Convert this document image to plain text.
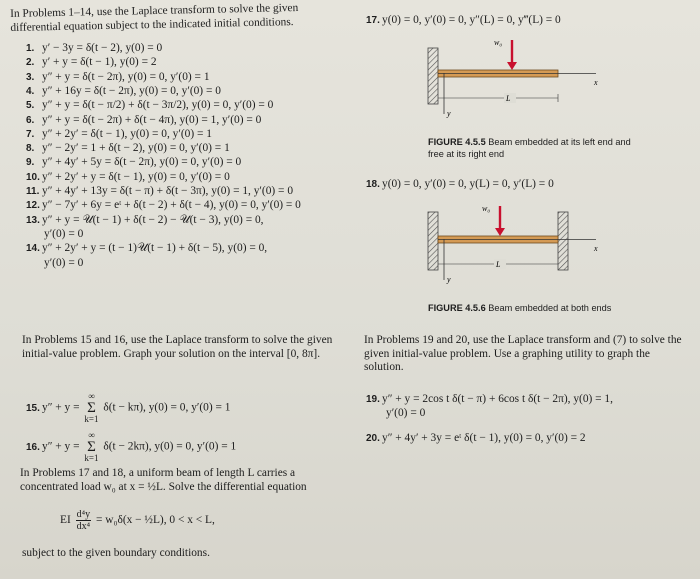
In Problems 1–14, use the Laplace transform to solve the given differential equation subject to the indicated initial conditions.
1. y′ − 3y = δ(t − 2), y(0) = 0
2. y′ + y = δ(t − 1), y(0) = 2
3. y″ + y = δ(t − 2π), y(0) = 0, y′(0) = 1
4. y″ + 16y = δ(t − 2π), y(0) = 0, y′(0) = 0
5. y″ + y = δ(t − π/2) + δ(t − 3π/2), y(0) = 0, y′(0) = 0
6. y″ + y = δ(t − 2π) + δ(t − 4π), y(0) = 1, y′(0) = 0
7. y″ + 2y′ = δ(t − 1), y(0) = 0, y′(0) = 1
8. y″ − 2y′ = 1 + δ(t − 2), y(0) = 0, y′(0) = 1
9. y″ + 4y′ + 5y = δ(t − 2π), y(0) = 0, y′(0) = 0
10. y″ + 2y′ + y = δ(t − 1), y(0) = 0, y′(0) = 0
11. y″ + 4y′ + 13y = δ(t − π) + δ(t − 3π), y(0) = 1, y′(0) = 0
12. y″ − 7y′ + 6y = eᵗ + δ(t − 2) + δ(t − 4), y(0) = 0, y′(0) = 0
13. y″ + y = 𝒰(t − 1) + δ(t − 2) − 𝒰(t − 3), y(0) = 0,
y′(0) = 0
14. y″ + 2y′ + y = (t − 1)𝒰(t − 1) + δ(t − 5), y(0) = 0,
y′(0) = 0
In Problems 15 and 16, use the Laplace transform to solve the given initial-value problem. Graph your solution on the interval [0, 8π].
15. y″ + y = ∞
Σ
k=1 δ(t − kπ), y(0) = 0, y′(0) = 1
16. y″ + y = ∞
Σ
k=1 δ(t − 2kπ), y(0) = 0, y′(0) = 1
In Problems 17 and 18, a uniform beam of length L carries a concentrated load w₀ at x = ½L. Solve the differential equation
EI $\frac{\text{d⁴y}}{\text{dx⁴}} = w_0\delta(x$ − ½L), 0 < x < L,
subject to the given boundary conditions.
17. y(0) = 0, y′(0) = 0, y″(L) = 0, y‴(L) = 0
w₀
x
y
L
FIGURE 4.5.5 Beam embedded at its left end and free at its right end
18. y(0) = 0, y′(0) = 0, y(L) = 0, y′(L) = 0
w₀
x
y
L
FIGURE 4.5.6 Beam embedded at both ends
In Problems 19 and 20, use the Laplace transform and (7) to solve the given initial-value problem. Use a graphing utility to graph the solution.
19. y″ + y = 2cos t δ(t − π) + 6cos t δ(t − 2π), y(0) = 1,
y′(0) = 0
20. y″ + 4y′ + 3y = eᵗ δ(t − 1), y(0) = 0, y′(0) = 2
